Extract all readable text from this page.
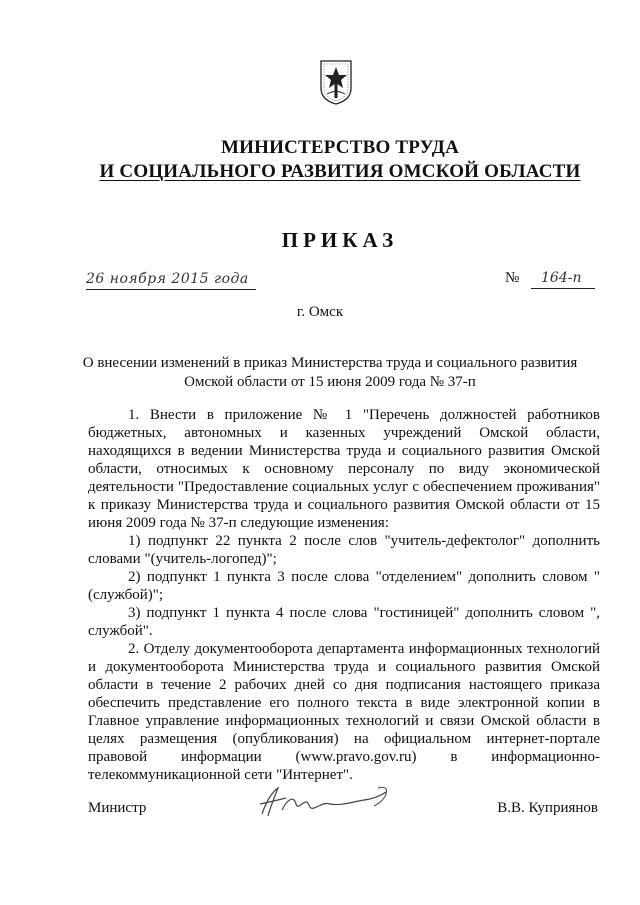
МИНИСТЕРСТВО ТРУДА
И СОЦИАЛЬНОГО РАЗВИТИЯ ОМСКОЙ ОБЛАСТИ
ПРИКАЗ
26 ноября 2015 года	№ 164-п
г. Омск
О внесении изменений в приказ Министерства труда и социального развития
Омской области от 15 июня 2009 года № 37-п

1. Внести в приложение № 1 "Перечень должностей работников бюджетных, автономных и казенных учреждений Омской области, находящихся в ведении Министерства труда и социального развития Омской области, относимых к основному персоналу по виду экономической деятельности "Предоставление социальных услуг с обеспечением проживания" к приказу Министерства труда и социального развития Омской области от 15 июня 2009 года № 37-п следующие изменения:

1) подпункт 22 пункта 2 после слов "учитель-дефектолог" дополнить словами "(учитель-логопед)";

2) подпункт 1 пункта 3 после слова "отделением" дополнить словом "(службой)";

3) подпункт 1 пункта 4 после слова "гостиницей" дополнить словом ", службой".

2. Отделу документооборота департамента информационных технологий и документооборота Министерства труда и социального развития Омской области в течение 2 рабочих дней со дня подписания настоящего приказа обеспечить представление его полного текста в виде электронной копии в Главное управление информационных технологий и связи Омской области в целях размещения (опубликования) на официальном интернет-портале правовой информации (www.pravo.gov.ru) в информационно-телекоммуникационной сети "Интернет".

Министр	В.В. Куприянов
